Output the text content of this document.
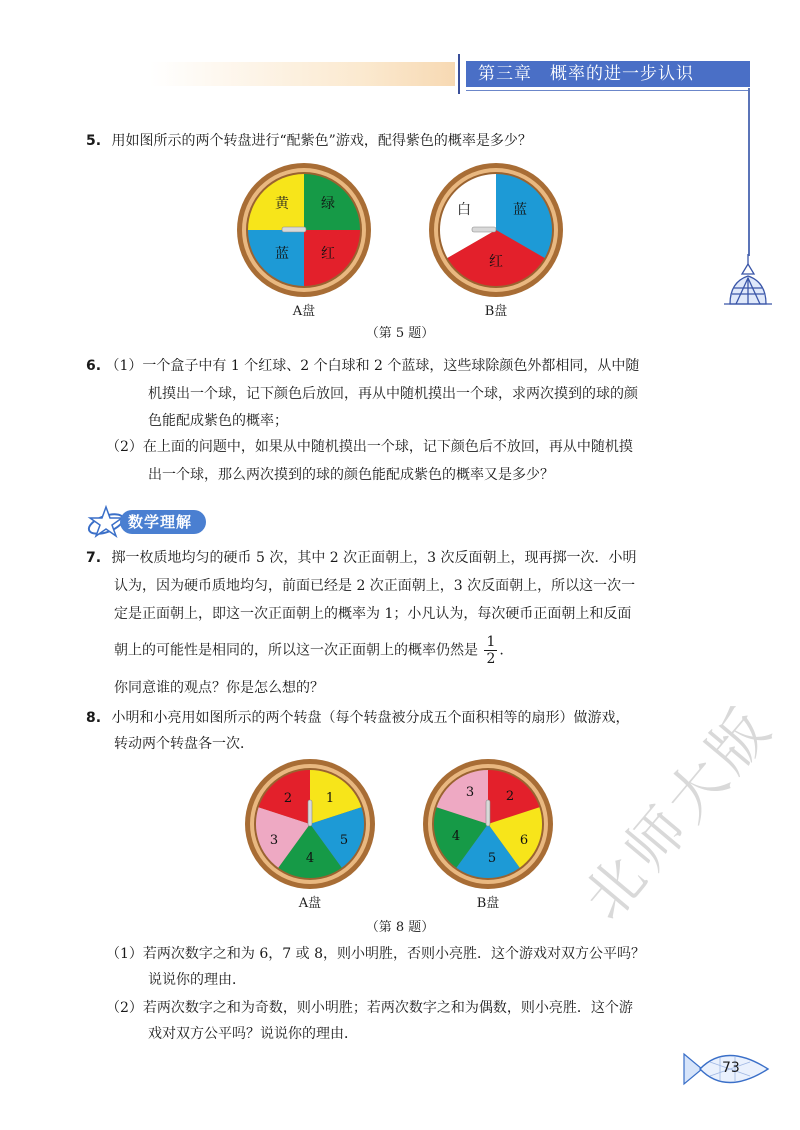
第三章　概率的进一步认识
5. 用如图所示的两个转盘进行“配紫色”游戏，配得紫色的概率是多少？
黄 绿
蓝 红
A盘
白	蓝
红
B盘
（第 5 题）
6. （1）一个盒子中有 1 个红球、2 个白球和 2 个蓝球，这些球除颜色外都相同，从中随
机摸出一个球，记下颜色后放回，再从中随机摸出一个球，求两次摸到的球的颜
色能配成紫色的概率；
（2）在上面的问题中，如果从中随机摸出一个球，记下颜色后不放回，再从中随机摸
出一个球，那么两次摸到的球的颜色能配成紫色的概率又是多少？
数学理解
7. 掷一枚质地均匀的硬币 5 次，其中 2 次正面朝上，3 次反面朝上，现再掷一次．小明
认为，因为硬币质地均匀，前面已经是 2 次正面朝上，3 次反面朝上，所以这一次一
定是正面朝上，即这一次正面朝上的概率为 1；小凡认为，每次硬币正面朝上和反面
朝上的可能性是相同的，所以这一次正面朝上的概率仍然是 $\frac{1}{2}$ .
你同意谁的观点？你是怎么想的？
8. 小明和小亮用如图所示的两个转盘（每个转盘被分成五个面积相等的扇形）做游戏，
转动两个转盘各一次．
1
5
4
3
2
A盘
2
6
5
4
3
B盘
（第 8 题）
（1）若两次数字之和为 6，7 或 8，则小明胜，否则小亮胜．这个游戏对双方公平吗？
说说你的理由．
（2）若两次数字之和为奇数，则小明胜；若两次数字之和为偶数，则小亮胜．这个游
戏对双方公平吗？说说你的理由．
北师大版
73
